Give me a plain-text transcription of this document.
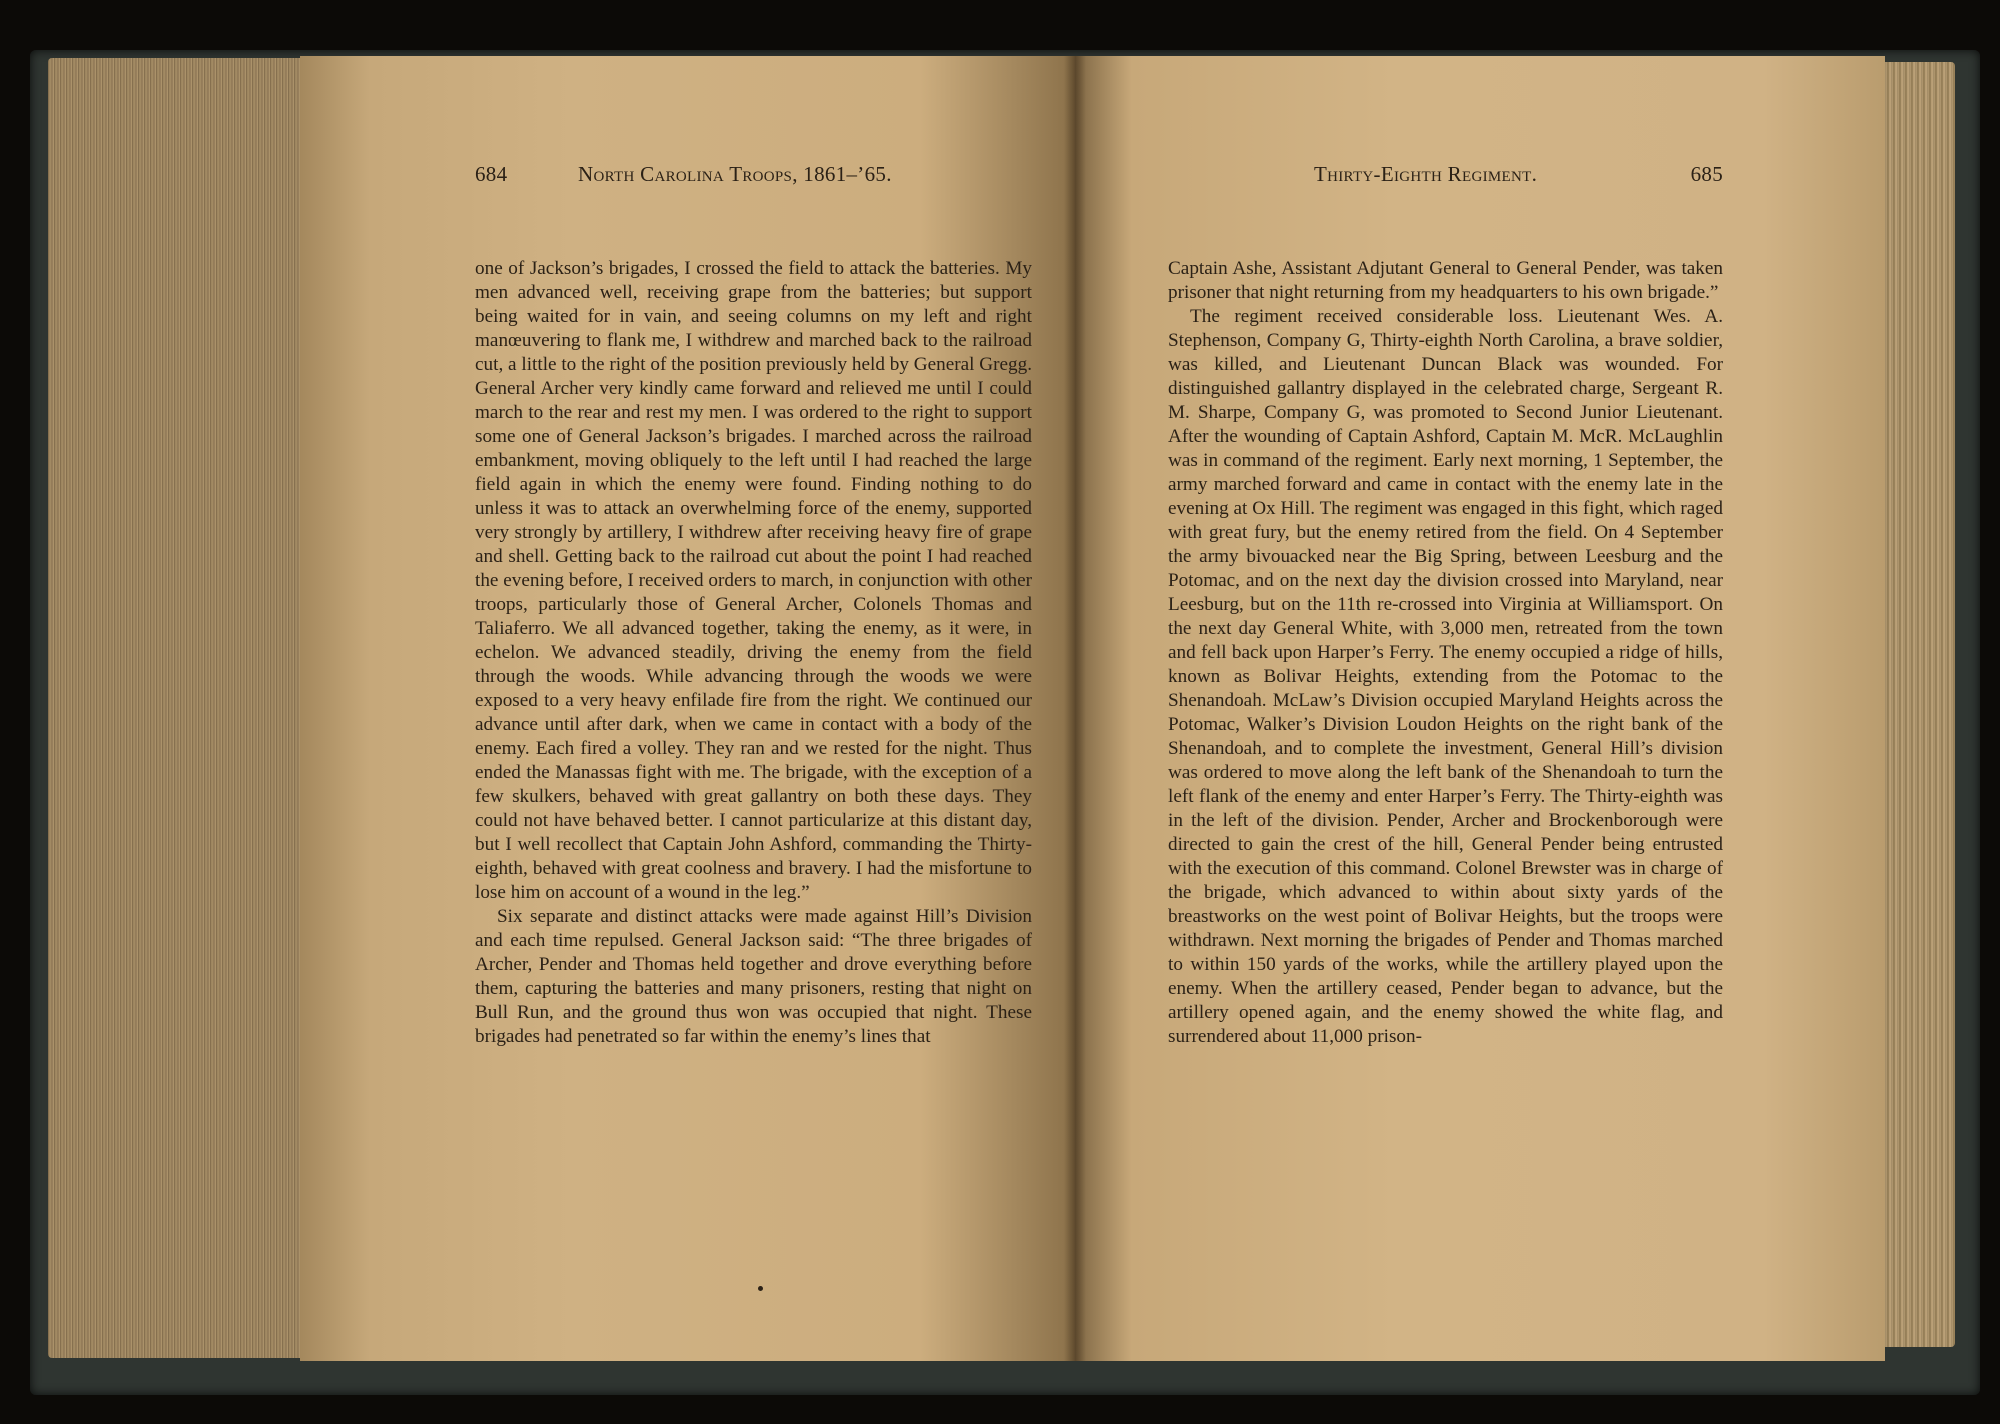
684	North Carolina Troops, 1861–’65.	Thirty-Eighth Regiment.	685

one of Jackson’s brigades, I crossed the field to attack the batteries. My men advanced well, receiving grape from the batteries; but support being waited for in vain, and seeing columns on my left and right manœuvering to flank me, I withdrew and marched back to the railroad cut, a little to the right of the position previously held by General Gregg. General Archer very kindly came forward and relieved me until I could march to the rear and rest my men. I was ordered to the right to support some one of General Jackson’s brigades. I marched across the railroad embankment, moving obliquely to the left until I had reached the large field again in which the enemy were found. Finding nothing to do unless it was to attack an overwhelming force of the enemy, supported very strongly by artillery, I withdrew after receiving heavy fire of grape and shell. Getting back to the railroad cut about the point I had reached the evening before, I received orders to march, in conjunction with other troops, particularly those of General Archer, Colonels Thomas and Taliaferro. We all advanced together, taking the enemy, as it were, in echelon. We advanced steadily, driving the enemy from the field through the woods. While advancing through the woods we were exposed to a very heavy enfilade fire from the right. We continued our advance until after dark, when we came in contact with a body of the enemy. Each fired a volley. They ran and we rested for the night. Thus ended the Manassas fight with me. The brigade, with the exception of a few skulkers, behaved with great gallantry on both these days. They could not have behaved better. I cannot particularize at this distant day, but I well recollect that Captain John Ashford, commanding the Thirty-eighth, behaved with great coolness and bravery. I had the misfortune to lose him on account of a wound in the leg.”

Six separate and distinct attacks were made against Hill’s Division and each time repulsed. General Jackson said: “The three brigades of Archer, Pender and Thomas held together and drove everything before them, capturing the batteries and many prisoners, resting that night on Bull Run, and the ground thus won was occupied that night. These brigades had penetrated so far within the enemy’s lines that

Captain Ashe, Assistant Adjutant General to General Pender, was taken prisoner that night returning from my headquarters to his own brigade.”

The regiment received considerable loss. Lieutenant Wes. A. Stephenson, Company G, Thirty-eighth North Carolina, a brave soldier, was killed, and Lieutenant Duncan Black was wounded. For distinguished gallantry displayed in the celebrated charge, Sergeant R. M. Sharpe, Company G, was promoted to Second Junior Lieutenant. After the wounding of Captain Ashford, Captain M. McR. McLaughlin was in command of the regiment. Early next morning, 1 September, the army marched forward and came in contact with the enemy late in the evening at Ox Hill. The regiment was engaged in this fight, which raged with great fury, but the enemy retired from the field. On 4 September the army bivouacked near the Big Spring, between Leesburg and the Potomac, and on the next day the division crossed into Maryland, near Leesburg, but on the 11th re-crossed into Virginia at Williamsport. On the next day General White, with 3,000 men, retreated from the town and fell back upon Harper’s Ferry. The enemy occupied a ridge of hills, known as Bolivar Heights, extending from the Potomac to the Shenandoah. McLaw’s Division occupied Maryland Heights across the Potomac, Walker’s Division Loudon Heights on the right bank of the Shenandoah, and to complete the investment, General Hill’s division was ordered to move along the left bank of the Shenandoah to turn the left flank of the enemy and enter Harper’s Ferry. The Thirty-eighth was in the left of the division. Pender, Archer and Brockenborough were directed to gain the crest of the hill, General Pender being entrusted with the execution of this command. Colonel Brewster was in charge of the brigade, which advanced to within about sixty yards of the breastworks on the west point of Bolivar Heights, but the troops were withdrawn. Next morning the brigades of Pender and Thomas marched to within 150 yards of the works, while the artillery played upon the enemy. When the artillery ceased, Pender began to advance, but the artillery opened again, and the enemy showed the white flag, and surrendered about 11,000 prison-
